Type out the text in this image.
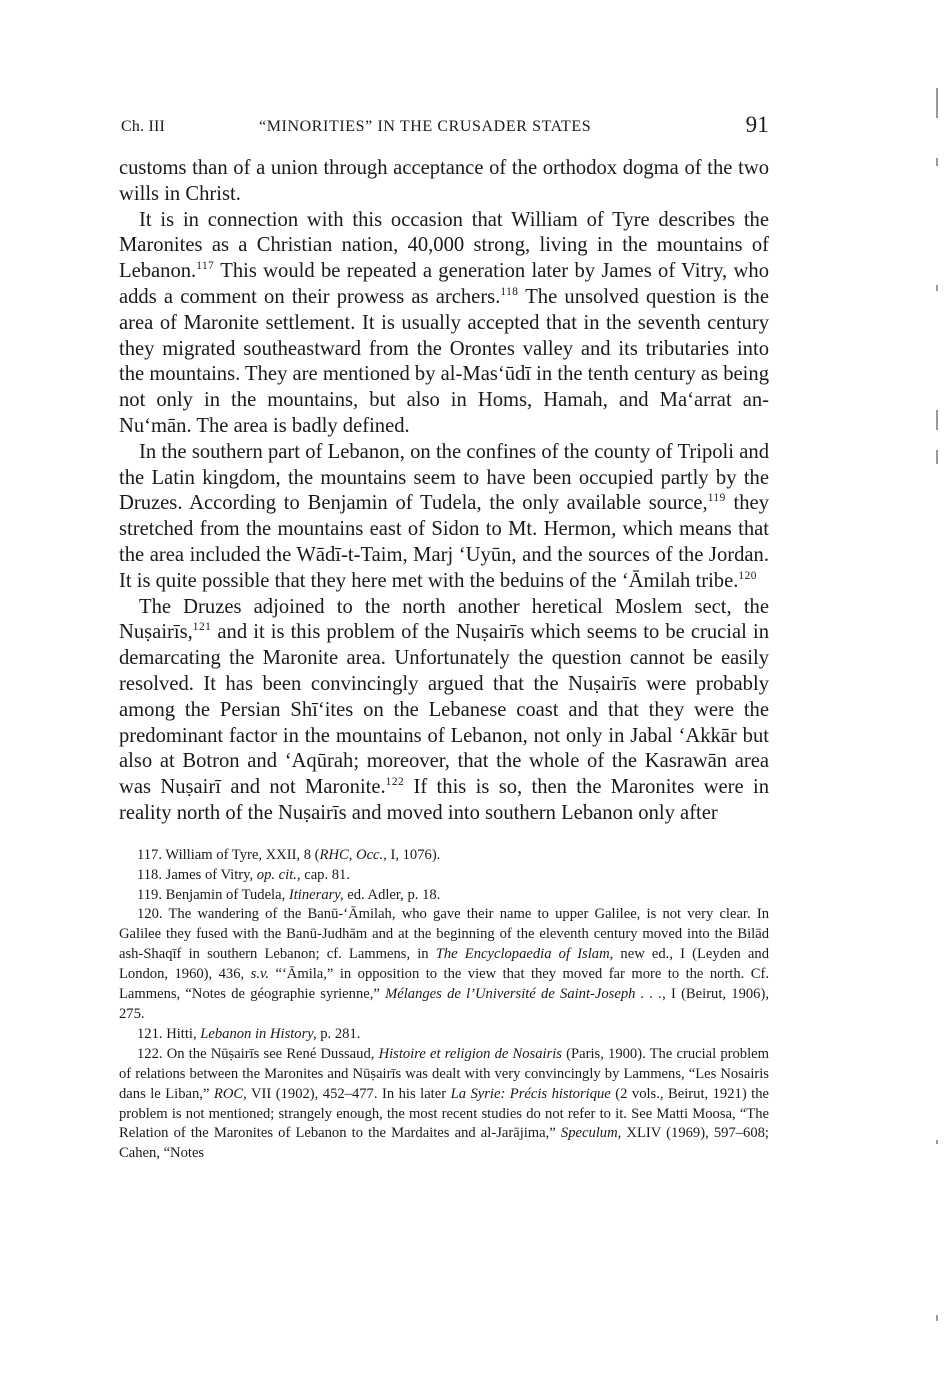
Ch. III	“MINORITIES” IN THE CRUSADER STATES	91

customs than of a union through acceptance of the orthodox dogma of the two wills in Christ.

It is in connection with this occasion that William of Tyre describes the Maronites as a Christian nation, 40,000 strong, living in the mountains of Lebanon.$^{117}$ This would be repeated a generation later by James of Vitry, who adds a comment on their prowess as archers.$^{118}$ The unsolved question is the area of Maronite settlement. It is usually accepted that in the seventh century they migrated southeastward from the Orontes valley and its tributaries into the mountains. They are mentioned by al-Mas‘ūdī in the tenth century as being not only in the mountains, but also in Homs, Hamah, and Ma‘arrat an-Nu‘mān. The area is badly defined.

In the southern part of Lebanon, on the confines of the county of Tripoli and the Latin kingdom, the mountains seem to have been occupied partly by the Druzes. According to Benjamin of Tudela, the only available source,$^{119}$ they stretched from the mountains east of Sidon to Mt. Hermon, which means that the area included the Wādī-t-Taim, Marj ‘Uyūn, and the sources of the Jordan. It is quite possible that they here met with the beduins of the ‘Āmilah tribe.$^{120}$

The Druzes adjoined to the north another heretical Moslem sect, the Nuṣairīs,$^{121}$ and it is this problem of the Nuṣairīs which seems to be crucial in demarcating the Maronite area. Unfortunately the question cannot be easily resolved. It has been convincingly argued that the Nuṣairīs were probably among the Persian Shī‘ites on the Lebanese coast and that they were the predominant factor in the mountains of Lebanon, not only in Jabal ‘Akkār but also at Botron and ‘Aqūrah; moreover, that the whole of the Kasrawān area was Nuṣairī and not Maronite.$^{122}$ If this is so, then the Maronites were in reality north of the Nuṣairīs and moved into southern Lebanon only after

117. William of Tyre, XXII, 8 (RHC, Occ., I, 1076).

118. James of Vitry, op. cit., cap. 81.

119. Benjamin of Tudela, Itinerary, ed. Adler, p. 18.

120. The wandering of the Banū-‘Āmilah, who gave their name to upper Galilee, is not very clear. In Galilee they fused with the Banū-Judhām and at the beginning of the eleventh century moved into the Bilād ash-Shaqīf in southern Lebanon; cf. Lammens, in The Encyclopaedia of Islam, new ed., I (Leyden and London, 1960), 436, s.v. “‘Āmila,” in opposition to the view that they moved far more to the north. Cf. Lammens, “Notes de géographie syrienne,” Mélanges de l’Université de Saint-Joseph . . ., I (Beirut, 1906), 275.

121. Hitti, Lebanon in History, p. 281.

122. On the Nūṣairīs see René Dussaud, Histoire et religion de Nosairis (Paris, 1900). The crucial problem of relations between the Maronites and Nūṣairīs was dealt with very convincingly by Lammens, “Les Nosairis dans le Liban,” ROC, VII (1902), 452–477. In his later La Syrie: Précis historique (2 vols., Beirut, 1921) the problem is not mentioned; strangely enough, the most recent studies do not refer to it. See Matti Moosa, “The Relation of the Maronites of Lebanon to the Mardaites and al-Jarājima,” Speculum, XLIV (1969), 597–608; Cahen, “Notes
